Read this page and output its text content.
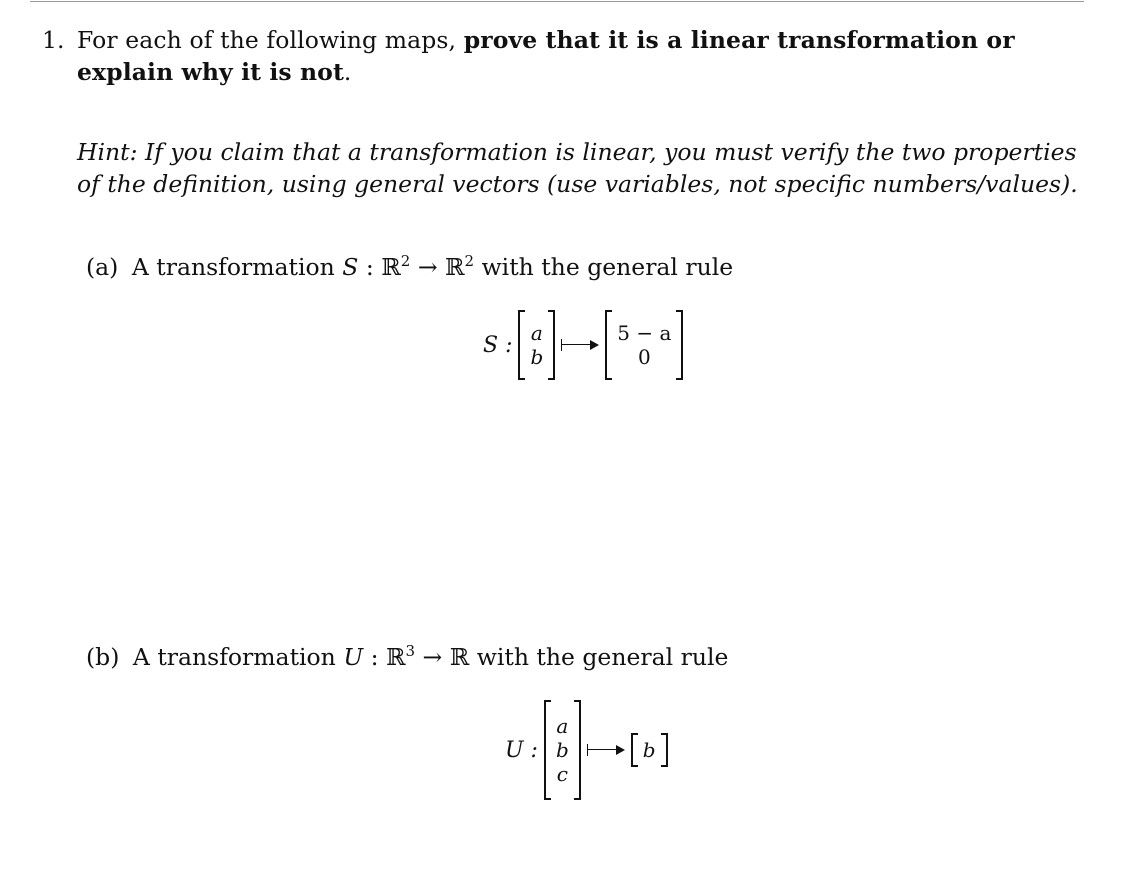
1. For each of the following maps, prove that it is a linear transformation or explain why it is not.
Hint: If you claim that a transformation is linear, you must verify the two properties of the definition, using general vectors (use variables, not specific numbers/values).
(a) A transformation S : ℝ$^2$ → ℝ$^2$ with the general rule
S : a
b
5 − a
0
(b) A transformation U : ℝ$^3$ → ℝ with the general rule
U :
a
b
c
b
